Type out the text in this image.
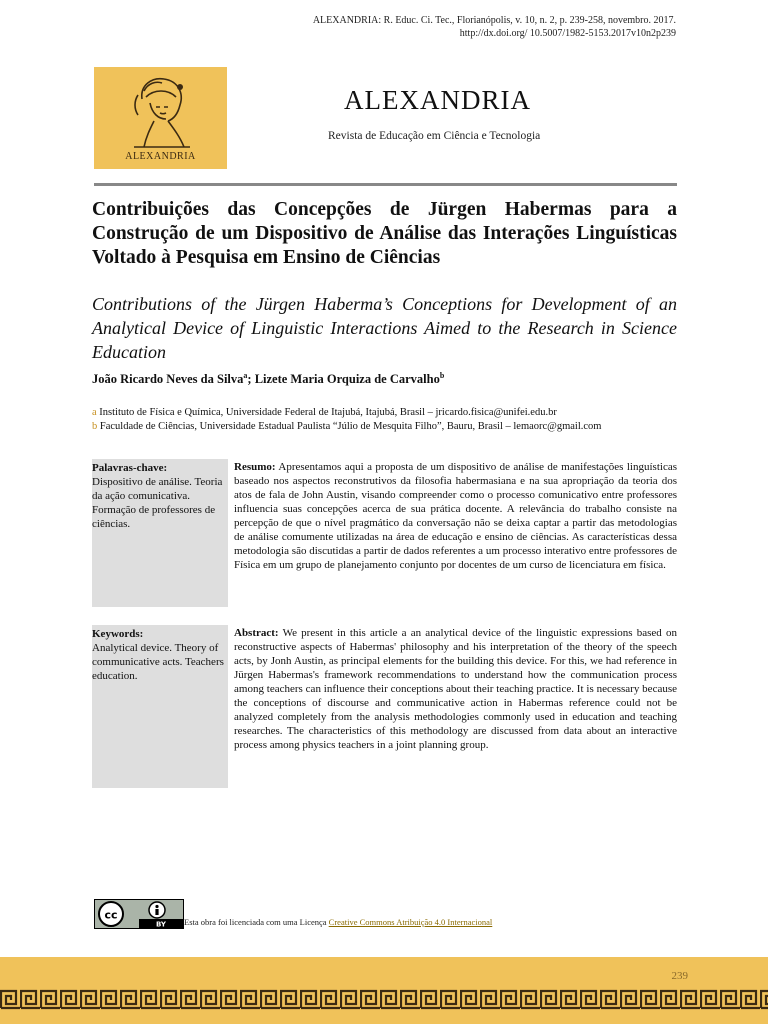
ALEXANDRIA: R. Educ. Ci. Tec., Florianópolis, v. 10, n. 2, p. 239-258, novembro. 2017.
http://dx.doi.org/ 10.5007/1982-5153.2017v10n2p239
ALEXANDRIA
ALEXANDRIA
Revista de Educação em Ciência e Tecnologia
Contribuições das Concepções de Jürgen Habermas para a Construção de um Dispositivo de Análise das Interações Linguísticas Voltado à Pesquisa em Ensino de Ciências
Contributions of the Jürgen Haberma’s Conceptions for Development of an Analytical Device of Linguistic Interactions Aimed to the Research in Science Education
João Ricardo Neves da Silva$^a$; Lizete Maria Orquiza de Carvalho$^b$
a Instituto de Física e Química, Universidade Federal de Itajubá, Itajubá, Brasil – jricardo.fisica@unifei.edu.br
b Faculdade de Ciências, Universidade Estadual Paulista “Júlio de Mesquita Filho”, Bauru, Brasil – lemaorc@gmail.com
Palavras-chave:
Dispositivo de análise. Teoria da ação comunicativa. Formação de professores de ciências.
Resumo: Apresentamos aqui a proposta de um dispositivo de análise de manifestações linguísticas baseado nos aspectos reconstrutivos da filosofia habermasiana e na sua apropriação da teoria dos atos de fala de John Austin, visando compreender como o processo comunicativo entre professores influencia suas concepções acerca de sua prática docente. A relevância do trabalho consiste na percepção de que o nível pragmático da conversação não se deixa captar a partir das metodologias de análise comumente utilizadas na área de educação e ensino de ciências. As características dessa metodologia são discutidas a partir de dados referentes a um processo interativo entre professores de Física em um grupo de planejamento conjunto por docentes de um curso de licenciatura em física.
Keywords:
Analytical device. Theory of communicative acts. Teachers education.
Abstract: We present in this article a an analytical device of the linguistic expressions based on reconstructive aspects of Habermas' philosophy and his interpretation of the theory of the speech acts, by Jonh Austin, as principal elements for the building this device. For this, we had reference in Jürgen Habermas's framework recommendations to understand how the communication process among teachers can influence their conceptions about their teaching practice. It is necessary because the conceptions of discourse and communicative action in Habermas reference could not be analyzed completely from the analysis methodologies commonly used in education and teaching researches. The characteristics of this methodology are discussed from data about an interactive process among physics teachers in a joint planning group.
cc
BY Esta obra foi licenciada com uma Licença Creative Commons Atribuição 4.0 Internacional
239
